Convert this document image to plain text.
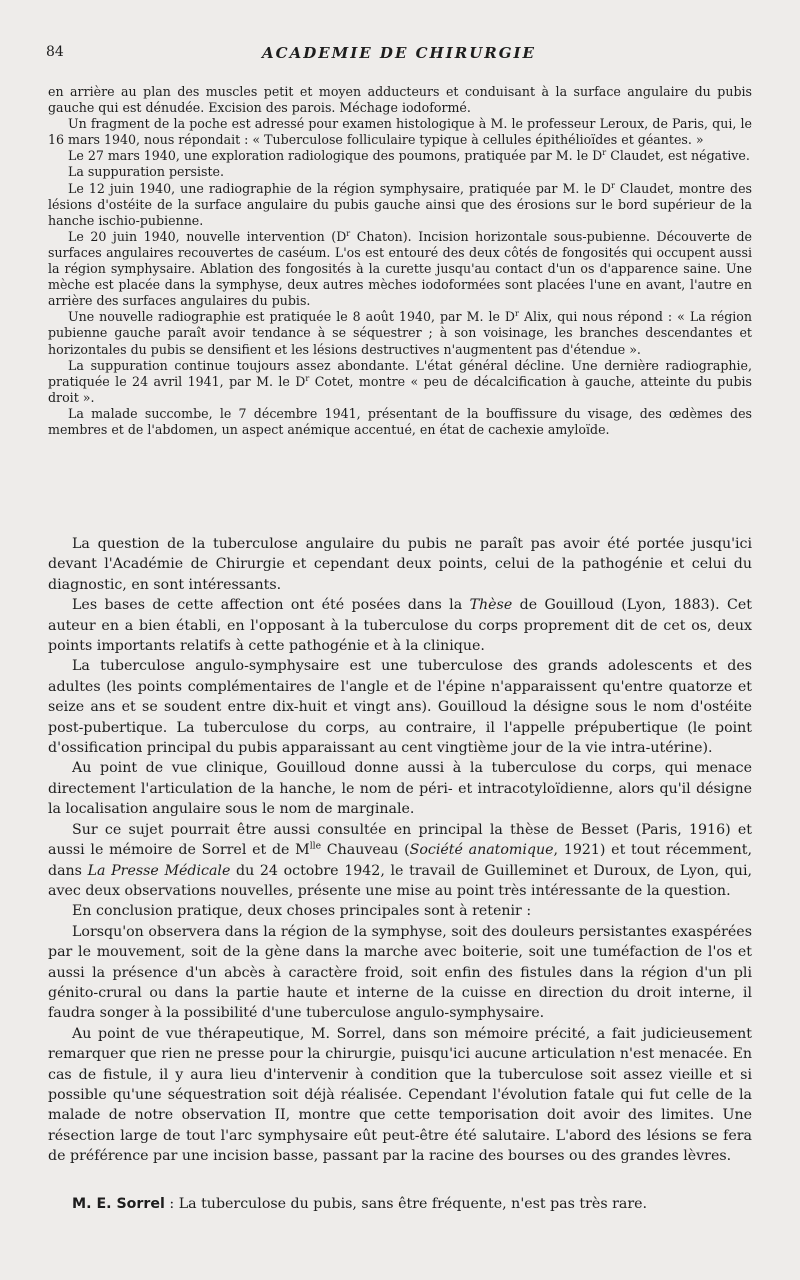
84	ACADEMIE DE CHIRURGIE

en arrière au plan des muscles petit et moyen adducteurs et conduisant à la surface angulaire du pubis gauche qui est dénudée. Excision des parois. Méchage iodoformé.

Un fragment de la poche est adressé pour examen histologique à M. le professeur Leroux, de Paris, qui, le 16 mars 1940, nous répondait : « Tuberculose folliculaire typique à cellules épithélioïdes et géantes. »

Le 27 mars 1940, une exploration radiologique des poumons, pratiquée par M. le $D^r$ Claudet, est négative.

La suppuration persiste.

Le 12 juin 1940, une radiographie de la région symphysaire, pratiquée par M. le $D^r$ Claudet, montre des lésions d'ostéite de la surface angulaire du pubis gauche ainsi que des érosions sur le bord supérieur de la hanche ischio-pubienne.

Le 20 juin 1940, nouvelle intervention ($D^r$ Chaton). Incision horizontale sous-pubienne. Découverte de surfaces angulaires recouvertes de caséum. L'os est entouré des deux côtés de fongosités qui occupent aussi la région symphysaire. Ablation des fongosités à la curette jusqu'au contact d'un os d'apparence saine. Une mèche est placée dans la symphyse, deux autres mèches iodoformées sont placées l'une en avant, l'autre en arrière des surfaces angulaires du pubis.

Une nouvelle radiographie est pratiquée le 8 août 1940, par M. le $D^r$ Alix, qui nous répond : « La région pubienne gauche paraît avoir tendance à se séquestrer ; à son voisinage, les branches descendantes et horizontales du pubis se densifient et les lésions destructives n'augmentent pas d'étendue ».

La suppuration continue toujours assez abondante. L'état général décline. Une dernière radiographie, pratiquée le 24 avril 1941, par M. le $D^r$ Cotet, montre « peu de décalcification à gauche, atteinte du pubis droit ».

La malade succombe, le 7 décembre 1941, présentant de la bouffissure du visage, des œdèmes des membres et de l'abdomen, un aspect anémique accentué, en état de cachexie amyloïde.

La question de la tuberculose angulaire du pubis ne paraît pas avoir été portée jusqu'ici devant l'Académie de Chirurgie et cependant deux points, celui de la pathogénie et celui du diagnostic, en sont intéressants.

Les bases de cette affection ont été posées dans la Thèse de Gouilloud (Lyon, 1883). Cet auteur en a bien établi, en l'opposant à la tuberculose du corps proprement dit de cet os, deux points importants relatifs à cette pathogénie et à la clinique.

La tuberculose angulo-symphysaire est une tuberculose des grands adolescents et des adultes (les points complémentaires de l'angle et de l'épine n'apparaissent qu'entre quatorze et seize ans et se soudent entre dix-huit et vingt ans). Gouilloud la désigne sous le nom d'ostéite post-pubertique. La tuberculose du corps, au contraire, il l'appelle prépubertique (le point d'ossification principal du pubis apparaissant au cent vingtième jour de la vie intra-utérine).

Au point de vue clinique, Gouilloud donne aussi à la tuberculose du corps, qui menace directement l'articulation de la hanche, le nom de péri- et intracotyloïdienne, alors qu'il désigne la localisation angulaire sous le nom de marginale.

Sur ce sujet pourrait être aussi consultée en principal la thèse de Besset (Paris, 1916) et aussi le mémoire de Sorrel et de $M^{lle}$ Chauveau (Société anatomique, 1921) et tout récemment, dans La Presse Médicale du 24 octobre 1942, le travail de Guilleminet et Duroux, de Lyon, qui, avec deux observations nouvelles, présente une mise au point très intéressante de la question.

En conclusion pratique, deux choses principales sont à retenir :

Lorsqu'on observera dans la région de la symphyse, soit des douleurs persistantes exaspérées par le mouvement, soit de la gène dans la marche avec boiterie, soit une tuméfaction de l'os et aussi la présence d'un abcès à caractère froid, soit enfin des fistules dans la région d'un pli génito-crural ou dans la partie haute et interne de la cuisse en direction du droit interne, il faudra songer à la possibilité d'une tuberculose angulo-symphysaire.

Au point de vue thérapeutique, M. Sorrel, dans son mémoire précité, a fait judicieusement remarquer que rien ne presse pour la chirurgie, puisqu'ici aucune articulation n'est menacée. En cas de fistule, il y aura lieu d'intervenir à condition que la tuberculose soit assez vieille et si possible qu'une séquestration soit déjà réalisée. Cependant l'évolution fatale qui fut celle de la malade de notre observation II, montre que cette temporisation doit avoir des limites. Une résection large de tout l'arc symphysaire eût peut-être été salutaire. L'abord des lésions se fera de préférence par une incision basse, passant par la racine des bourses ou des grandes lèvres.

M. E. Sorrel : La tuberculose du pubis, sans être fréquente, n'est pas très rare.
